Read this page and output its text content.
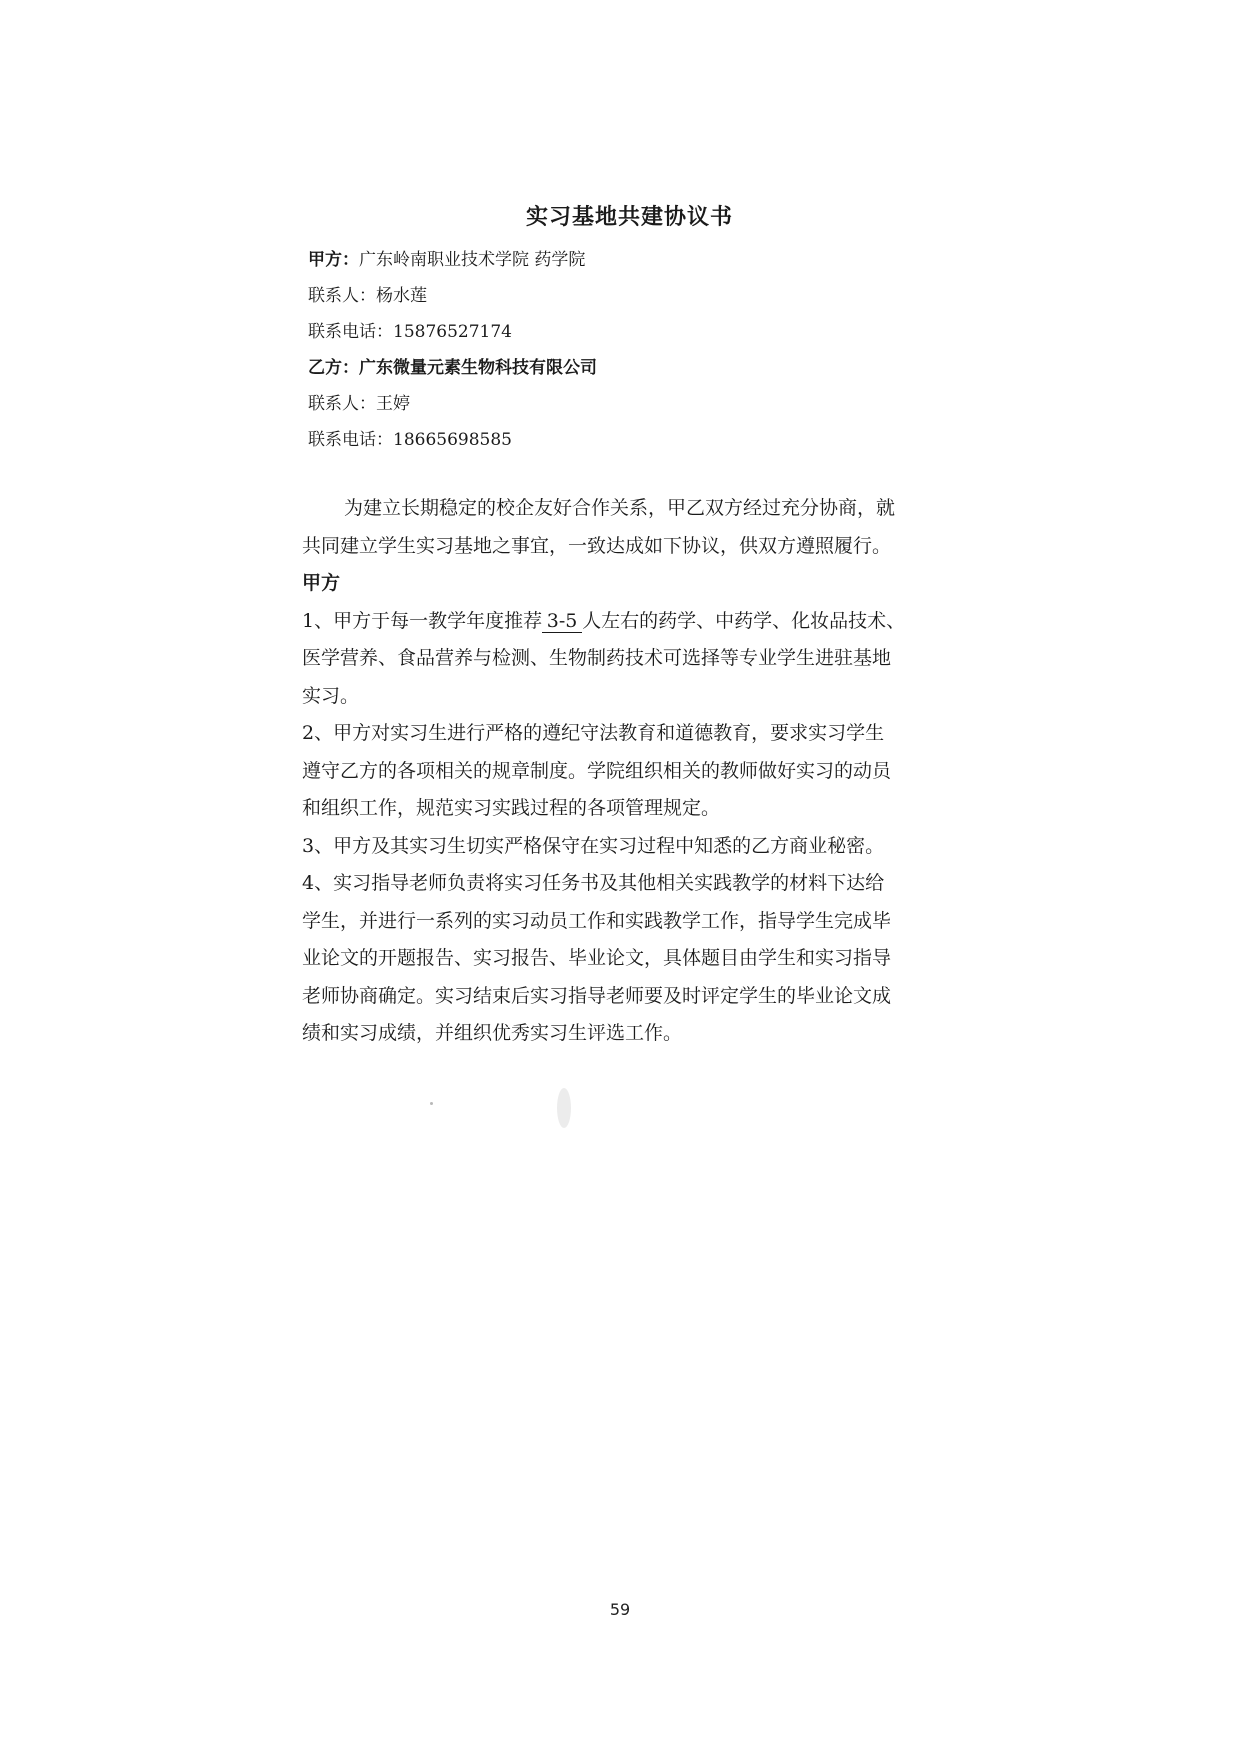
实习基地共建协议书
甲方：广东岭南职业技术学院 药学院
联系人：杨水莲
联系电话：15876527174
乙方：广东微量元素生物科技有限公司
联系人：王婷
联系电话：18665698585

为建立长期稳定的校企友好合作关系，甲乙双方经过充分协商，就

共同建立学生实习基地之事宜，一致达成如下协议，供双方遵照履行。

甲方

1、甲方于每一教学年度推荐 3-5 人左右的药学、中药学、化妆品技术、

医学营养、食品营养与检测、生物制药技术可选择等专业学生进驻基地

实习。

2、甲方对实习生进行严格的遵纪守法教育和道德教育，要求实习学生

遵守乙方的各项相关的规章制度。学院组织相关的教师做好实习的动员

和组织工作，规范实习实践过程的各项管理规定。

3、甲方及其实习生切实严格保守在实习过程中知悉的乙方商业秘密。

4、实习指导老师负责将实习任务书及其他相关实践教学的材料下达给

学生，并进行一系列的实习动员工作和实践教学工作，指导学生完成毕

业论文的开题报告、实习报告、毕业论文，具体题目由学生和实习指导

老师协商确定。实习结束后实习指导老师要及时评定学生的毕业论文成

绩和实习成绩，并组织优秀实习生评选工作。

59
